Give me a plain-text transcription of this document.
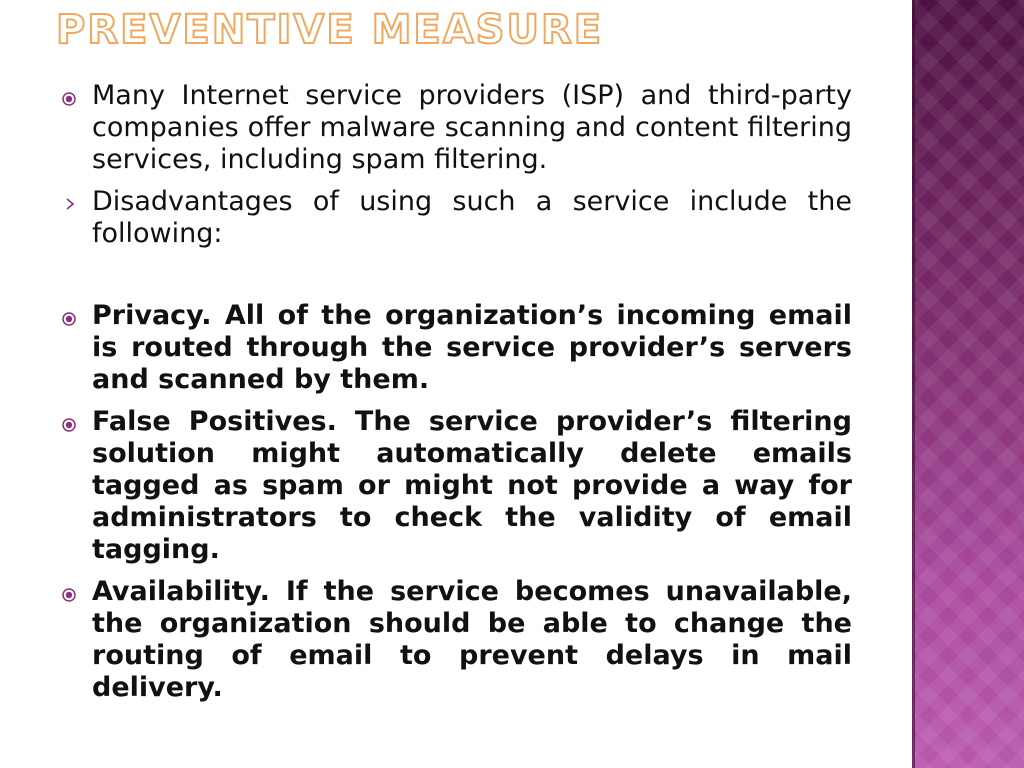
PREVENTIVE MEASURE
Many Internet service providers (ISP) and third-party companies offer malware scanning and content filtering services, including spam filtering.
Disadvantages of using such a service include the following:
Privacy. All of the organization’s incoming email is routed through the service provider’s servers and scanned by them.
False Positives. The service provider’s filtering solution might automatically delete emails tagged as spam or might not provide a way for administrators to check the validity of email tagging.
Availability. If the service becomes unavailable, the organization should be able to change the routing of email to prevent delays in mail delivery.
